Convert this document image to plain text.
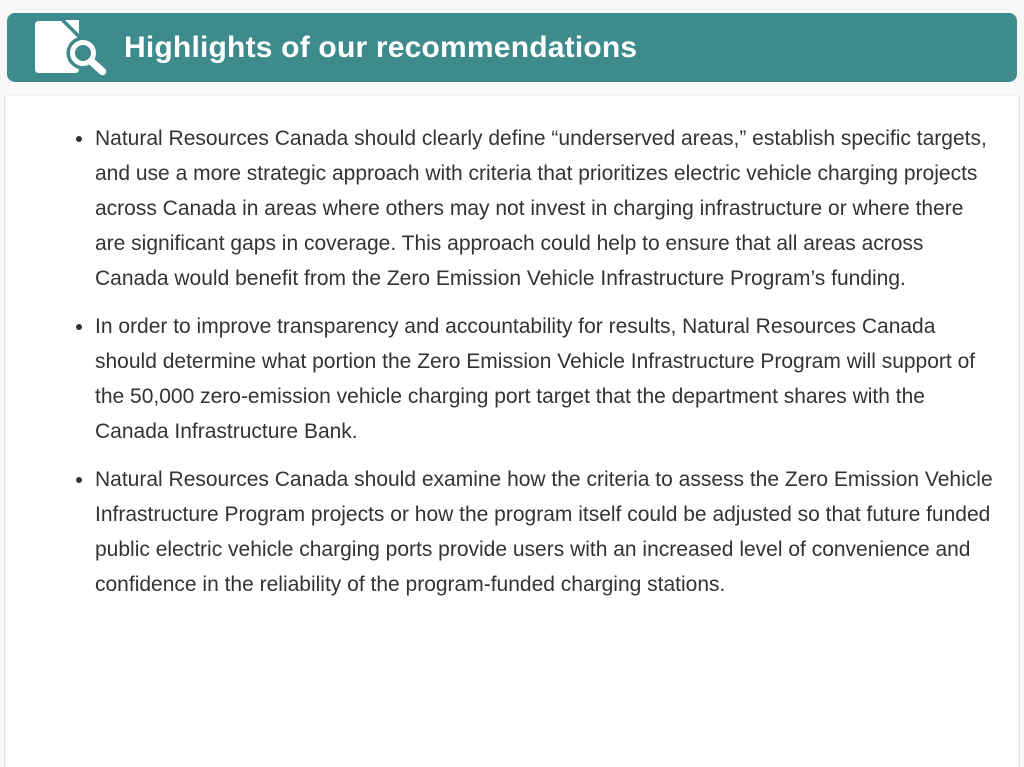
Highlights of our recommendations
• Natural Resources Canada should clearly define “underserved areas,” establish specific targets, and use a more strategic approach with criteria that prioritizes electric vehicle charging projects across Canada in areas where others may not invest in charging infrastructure or where there are significant gaps in coverage. This approach could help to ensure that all areas across Canada would benefit from the Zero Emission Vehicle Infrastructure Program’s funding.
• In order to improve transparency and accountability for results, Natural Resources Canada should determine what portion the Zero Emission Vehicle Infrastructure Program will support of the 50,000 zero-emission vehicle charging port target that the department shares with the Canada Infrastructure Bank.
• Natural Resources Canada should examine how the criteria to assess the Zero Emission Vehicle Infrastructure Program projects or how the program itself could be adjusted so that future funded public electric vehicle charging ports provide users with an increased level of convenience and confidence in the reliability of the program-funded charging stations.
